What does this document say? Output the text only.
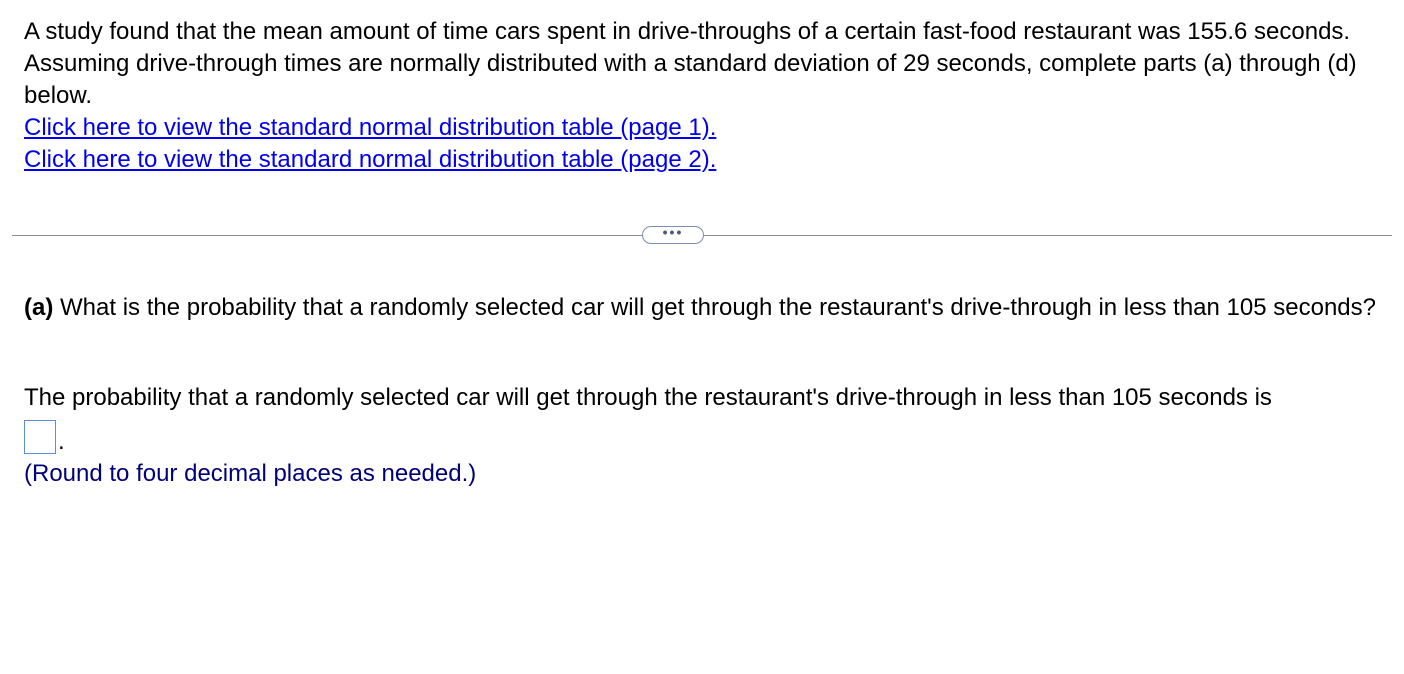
A study found that the mean amount of time cars spent in drive-throughs of a certain fast-food restaurant was 155.6 seconds. Assuming drive-through times are normally distributed with a standard deviation of 29 seconds, complete parts (a) through (d) below.

Click here to view the standard normal distribution table (page 1).
Click here to view the standard normal distribution table (page 2).
•••

(a) What is the probability that a randomly selected car will get through the restaurant's drive-through in less than 105 seconds?

The probability that a randomly selected car will get through the restaurant's drive-through in less than 105 seconds is
.
(Round to four decimal places as needed.)
